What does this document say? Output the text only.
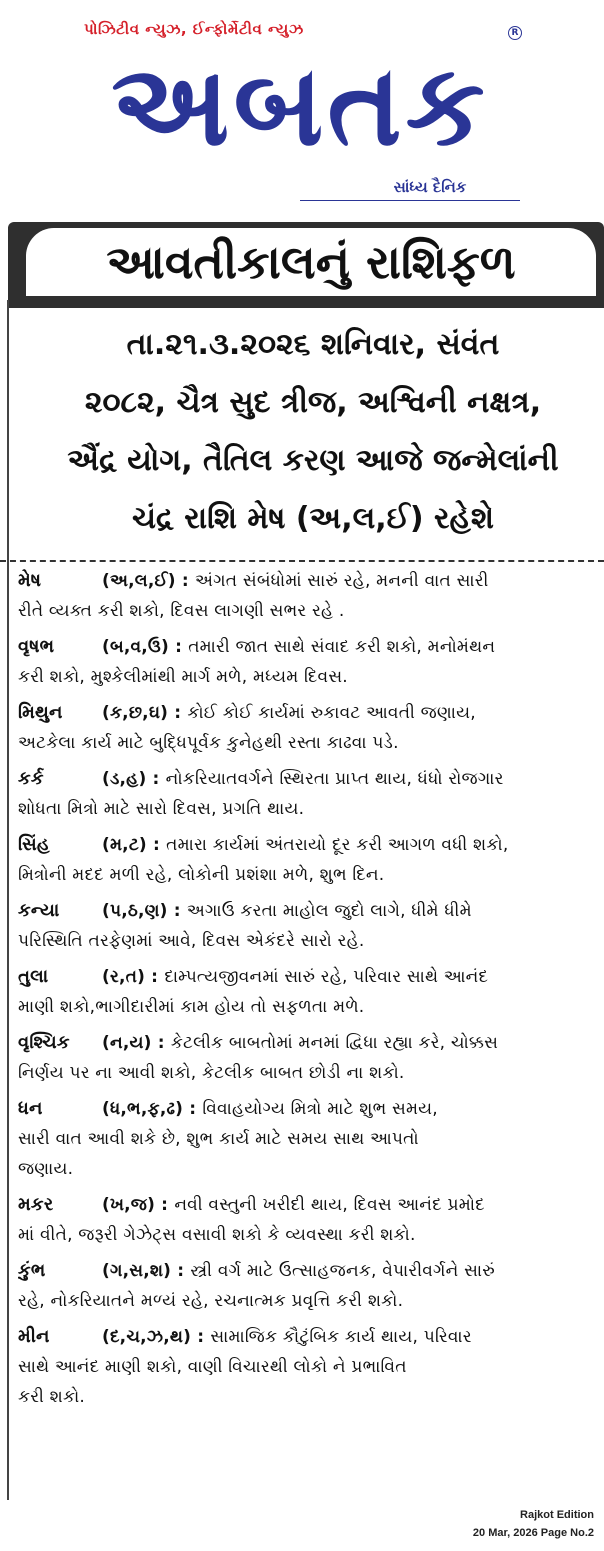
પોઝિટીવ ન્યુઝ, ઈન્ફોર્મેટીવ ન્યુઝ	R
અબતક
સાંધ્ય દૈનિક
આવતીકાલનું રાશિફળ
તા.૨૧.૩.૨૦૨૬ શનિવાર, સંવંત
૨૦૮૨, ચૈત્ર સુદ ત્રીજ, અશ્વિની નક્ષત્ર,
ઐંદ્ર યોગ, તૈતિલ કરણ આજે જન્મેલાંની
ચંદ્ર રાશિ મેષ (અ,લ,ઈ) રહેશે
મેષ	(અ,લ,ઈ) : અંગત સંબંધોમાં સારું રહે, મનની વાત સારી
રીતે વ્યક્ત કરી શકો, દિવસ લાગણી સભર રહે .
વૃષભ	(બ,વ,ઉ) : તમારી જાત સાથે સંવાદ કરી શકો, મનોમંથન
કરી શકો, મુશ્કેલીમાંથી માર્ગ મળે, મધ્યમ દિવસ.
મિથુન (ક,છ,ઘ) : કોઈ કોઈ કાર્યમાં રુકાવટ આવતી જણાય,
અટકેલા કાર્ય માટે બુદ્ધિપૂર્વક કુનેહથી રસ્તા કાઢવા પડે.
કર્ક	(ડ,હ) : નોકરિયાતવર્ગને સ્થિરતા પ્રાપ્ત થાય, ધંધો રોજગાર
શોધતા મિત્રો માટે સારો દિવસ, પ્રગતિ થાય.
સિંહ	(મ,ટ) : તમારા કાર્યમાં અંતરાયો દૂર કરી આગળ વધી શકો,
મિત્રોની મદદ મળી રહે, લોકોની પ્રશંશા મળે, શુભ દિન.
કન્યા	(પ,ઠ,ણ) : અગાઉ કરતા માહોલ જુદો લાગે, ધીમે ધીમે
પરિસ્થિતિ તરફેણમાં આવે, દિવસ એકંદરે સારો રહે.
તુલા	(ર,ત) : દામ્પત્યજીવનમાં સારું રહે, પરિવાર સાથે આનંદ
માણી શકો,ભાગીદારીમાં કામ હોય તો સફળતા મળે.
વૃશ્ચિક (ન,ય) : કેટલીક બાબતોમાં મનમાં દ્વિધા રહ્યા કરે, ચોક્કસ
નિર્ણય પર ના આવી શકો, કેટલીક બાબત છોડી ના શકો.
ધન	(ધ,ભ,ફ,ઢ) : વિવાહયોગ્ય મિત્રો માટે શુભ સમય,
સારી વાત આવી શકે છે, શુભ કાર્ય માટે સમય સાથ આપતો
જણાય.
મકર	(ખ,જ) : નવી વસ્તુની ખરીદી થાય, દિવસ આનંદ પ્રમોદ
માં વીતે, જરૂરી ગેઝેટ્સ વસાવી શકો કે વ્યવસ્થા કરી શકો.
કુંભ	(ગ,સ,શ) : સ્ત્રી વર્ગ માટે ઉત્સાહજનક, વેપારીવર્ગને સારું
રહે, નોકરિયાતને મળ્યં રહે, રચનાત્મક પ્રવૃત્તિ કરી શકો.
મીન	(દ,ચ,ઝ,થ) : સામાજિક કૌટુંબિક કાર્ય થાય, પરિવાર
સાથે આનંદ માણી શકો, વાણી વિચારથી લોકો ને પ્રભાવિત
કરી શકો.
Rajkot Edition
20 Mar, 2026 Page No.2
